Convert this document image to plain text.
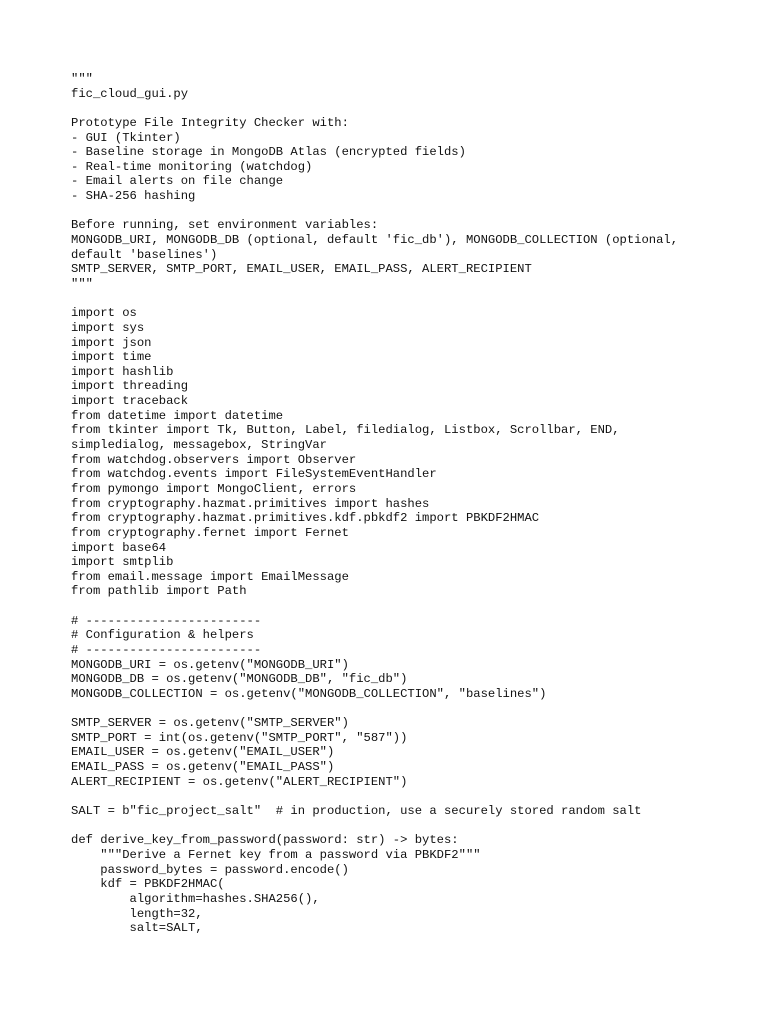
"""
fic_cloud_gui.py
Prototype File Integrity Checker with:
- GUI (Tkinter)
- Baseline storage in MongoDB Atlas (encrypted fields)
- Real-time monitoring (watchdog)
- Email alerts on file change
- SHA-256 hashing
Before running, set environment variables:
MONGODB_URI, MONGODB_DB (optional, default 'fic_db'), MONGODB_COLLECTION (optional,
default 'baselines')
SMTP_SERVER, SMTP_PORT, EMAIL_USER, EMAIL_PASS, ALERT_RECIPIENT
"""
import os
import sys
import json
import time
import hashlib
import threading
import traceback
from datetime import datetime
from tkinter import Tk, Button, Label, filedialog, Listbox, Scrollbar, END,
simpledialog, messagebox, StringVar
from watchdog.observers import Observer
from watchdog.events import FileSystemEventHandler
from pymongo import MongoClient, errors
from cryptography.hazmat.primitives import hashes
from cryptography.hazmat.primitives.kdf.pbkdf2 import PBKDF2HMAC
from cryptography.fernet import Fernet
import base64
import smtplib
from email.message import EmailMessage
from pathlib import Path
# ------------------------
# Configuration & helpers
# ------------------------
MONGODB_URI = os.getenv("MONGODB_URI")
MONGODB_DB = os.getenv("MONGODB_DB", "fic_db")
MONGODB_COLLECTION = os.getenv("MONGODB_COLLECTION", "baselines")
SMTP_SERVER = os.getenv("SMTP_SERVER")
SMTP_PORT = int(os.getenv("SMTP_PORT", "587"))
EMAIL_USER = os.getenv("EMAIL_USER")
EMAIL_PASS = os.getenv("EMAIL_PASS")
ALERT_RECIPIENT = os.getenv("ALERT_RECIPIENT")
SALT = b"fic_project_salt"  # in production, use a securely stored random salt
def derive_key_from_password(password: str) -> bytes:
"""Derive a Fernet key from a password via PBKDF2"""
password_bytes = password.encode()
kdf = PBKDF2HMAC(
algorithm=hashes.SHA256(),
length=32,
salt=SALT,
